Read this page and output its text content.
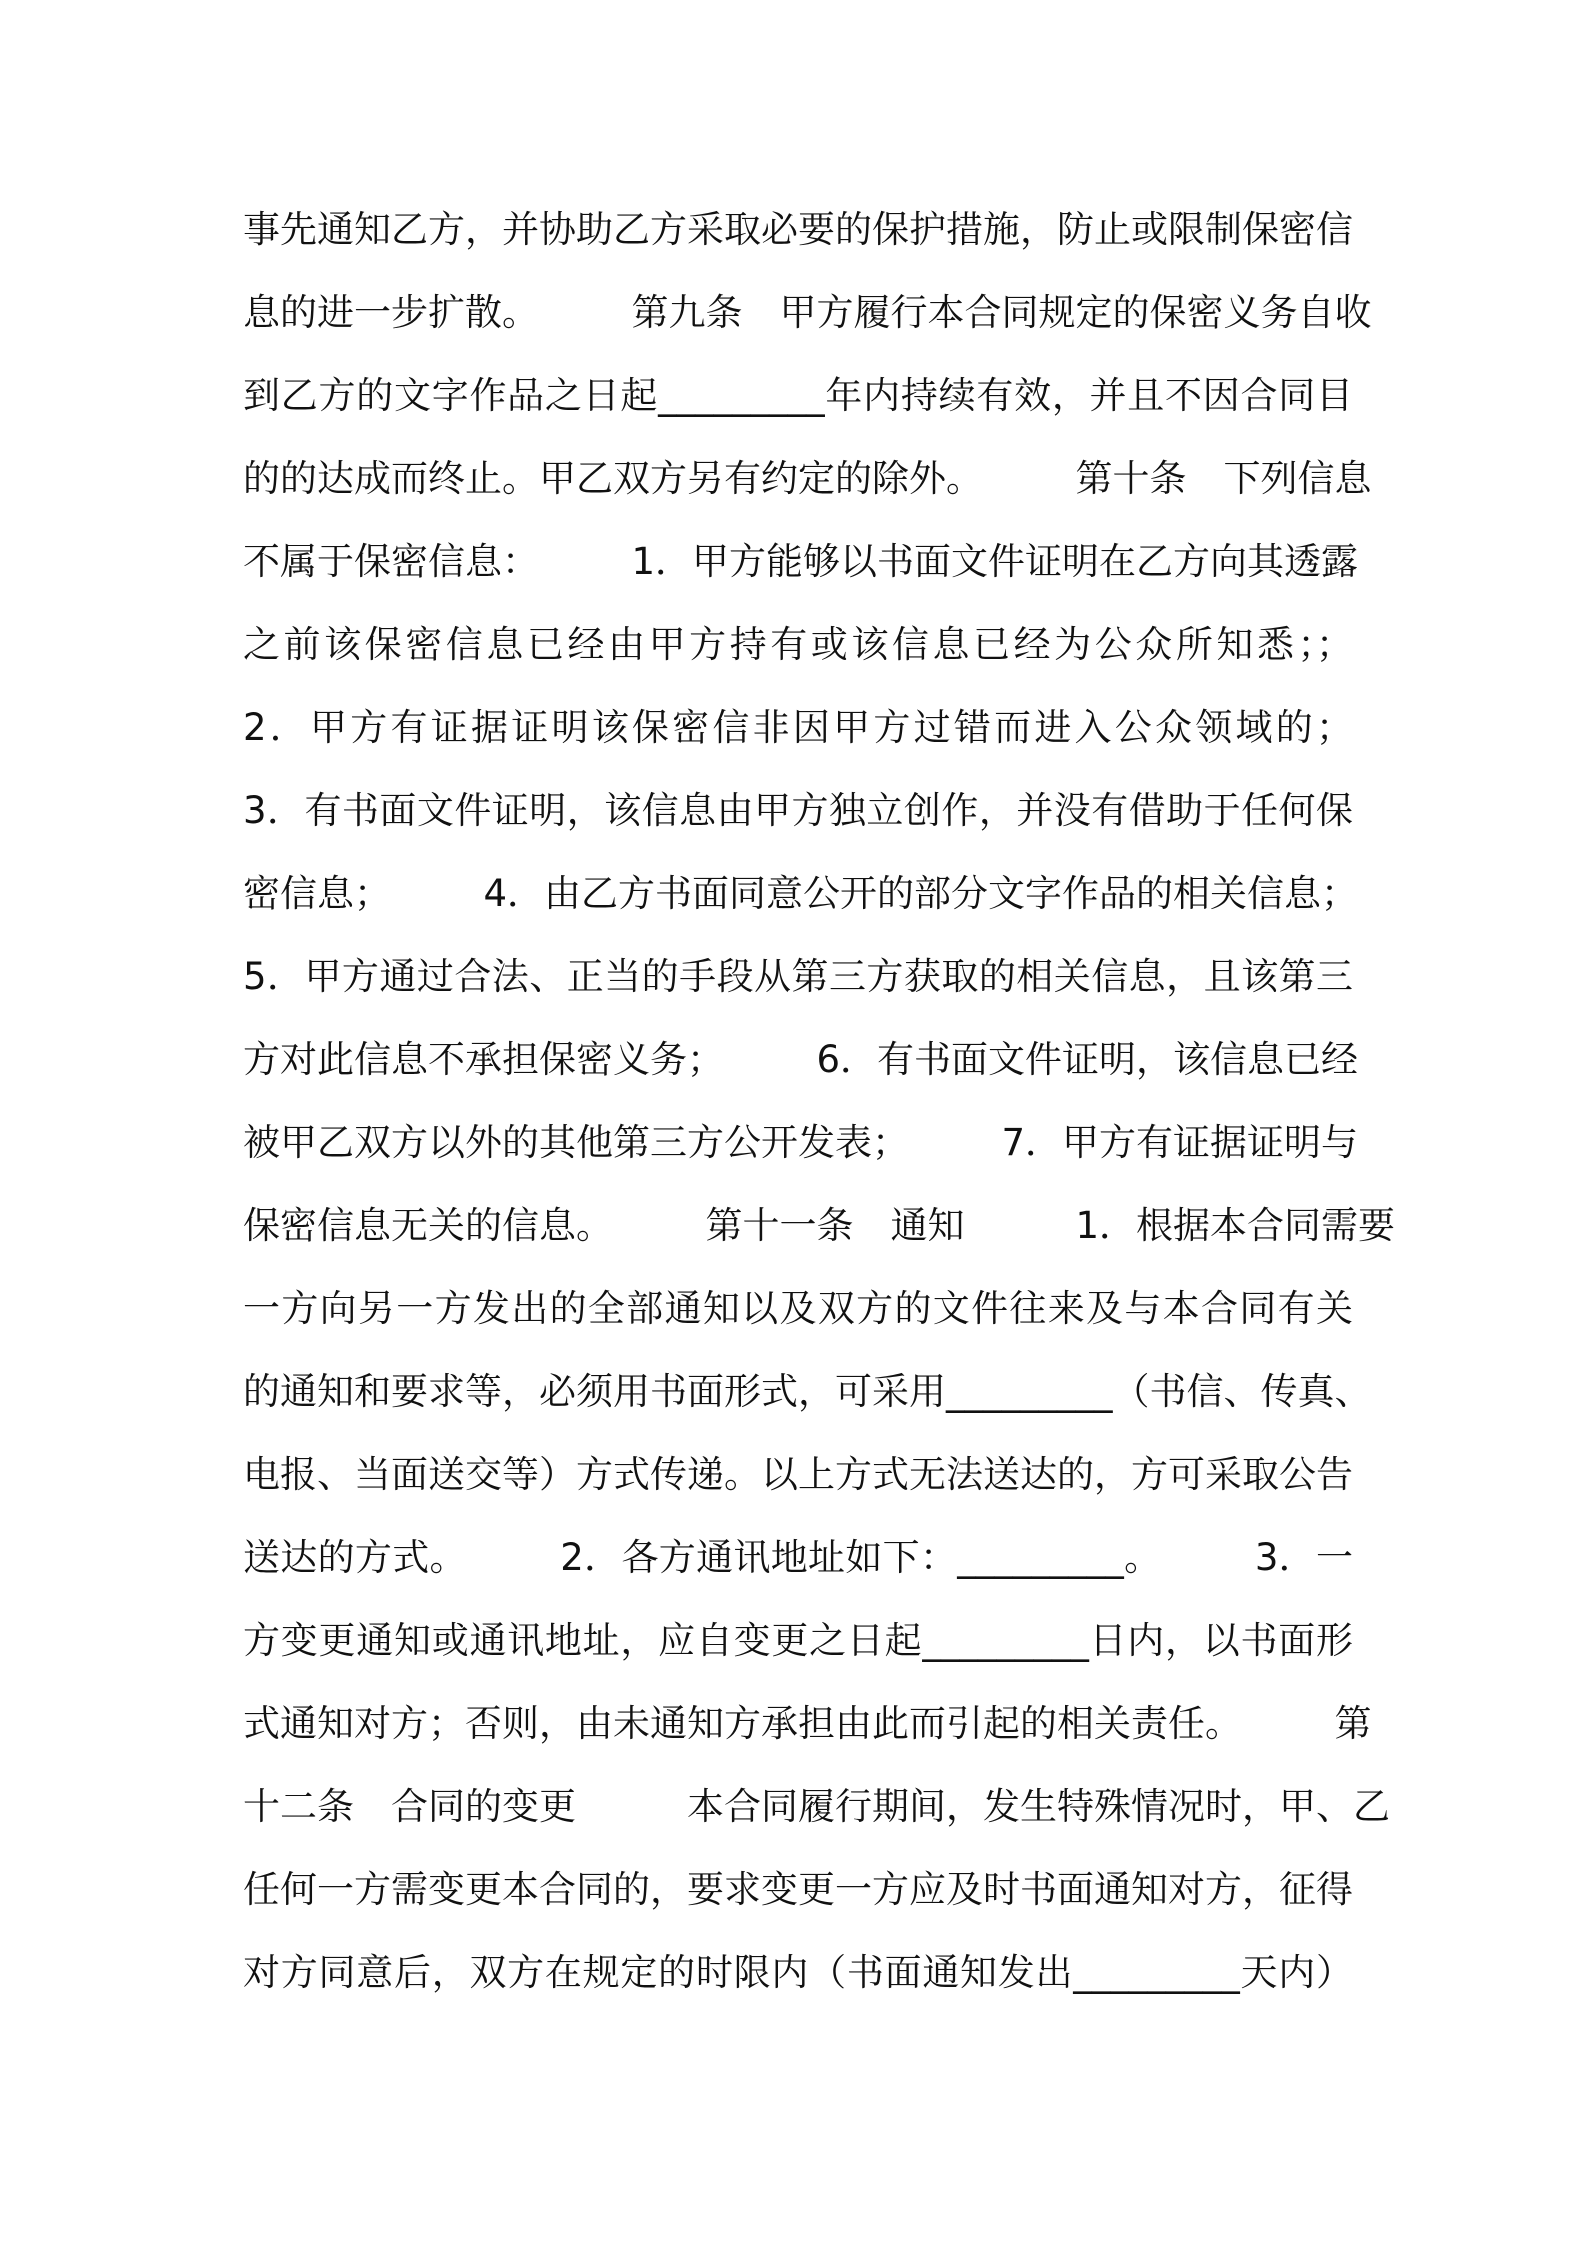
事先通知乙方，并协助乙方采取必要的保护措施，防止或限制保密信
息的进一步扩散。　　　第九条　甲方履行本合同规定的保密义务自收
到乙方的文字作品之日起_________年内持续有效，并且不因合同目
的的达成而终止。甲乙双方另有约定的除外。　　　第十条　下列信息
不属于保密信息：　　　1．甲方能够以书面文件证明在乙方向其透露
之前该保密信息已经由甲方持有或该信息已经为公众所知悉；；
2．甲方有证据证明该保密信非因甲方过错而进入公众领域的；
3．有书面文件证明，该信息由甲方独立创作，并没有借助于任何保
密信息；　　　4．由乙方书面同意公开的部分文字作品的相关信息；
5．甲方通过合法、正当的手段从第三方获取的相关信息，且该第三
方对此信息不承担保密义务；　　　6．有书面文件证明，该信息已经
被甲乙双方以外的其他第三方公开发表；　　　7．甲方有证据证明与
保密信息无关的信息。　　　第十一条　通知　　　1．根据本合同需要
一方向另一方发出的全部通知以及双方的文件往来及与本合同有关
的通知和要求等，必须用书面形式，可采用_________（书信、传真、
电报、当面送交等）方式传递。以上方式无法送达的，方可采取公告
送达的方式。　　　2．各方通讯地址如下：_________。　　　3．一
方变更通知或通讯地址，应自变更之日起_________日内，以书面形
式通知对方；否则，由未通知方承担由此而引起的相关责任。　　　第
十二条　合同的变更　　　本合同履行期间，发生特殊情况时，甲、乙
任何一方需变更本合同的，要求变更一方应及时书面通知对方，征得
对方同意后，双方在规定的时限内（书面通知发出_________天内）
